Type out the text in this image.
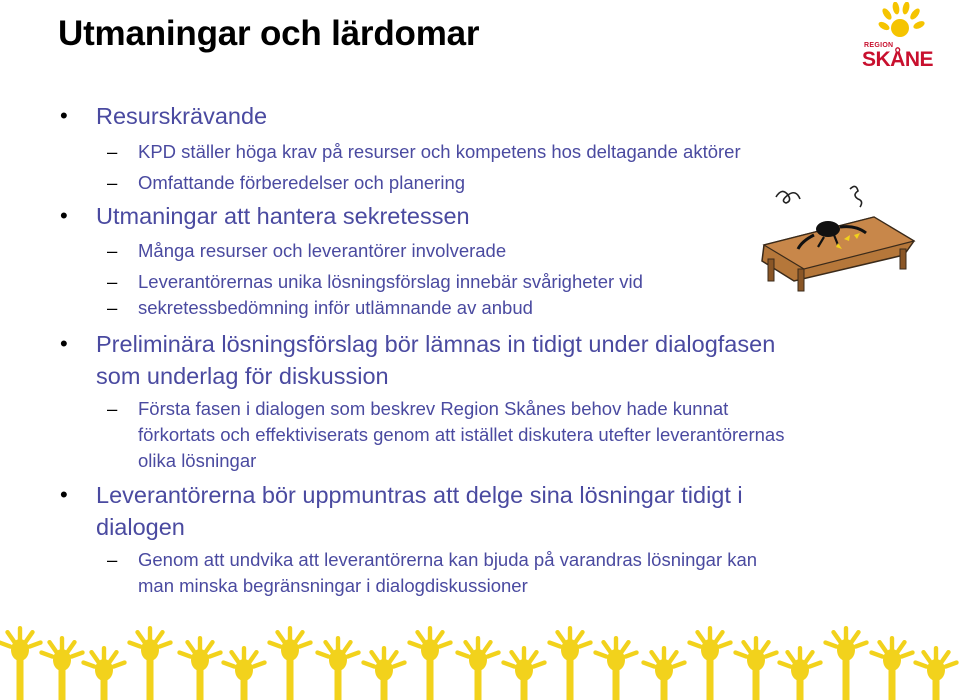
Utmaningar och lärdomar	REGION
SKÅNE
• Resurskrävande
– KPD ställer höga krav på resurser och kompetens hos deltagande aktörer
– Omfattande förberedelser och planering
• Utmaningar att hantera sekretessen
– Många resurser och leverantörer involverade
– Leverantörernas unika lösningsförslag innebär svårigheter vid
– sekretessbedömning inför utlämnande av anbud
• Preliminära lösningsförslag bör lämnas in tidigt under dialogfasen
som underlag för diskussion
– Första fasen i dialogen som beskrev Region Skånes behov hade kunnat
förkortats och effektiviserats genom att istället diskutera utefter leverantörernas
olika lösningar
• Leverantörerna bör uppmuntras att delge sina lösningar tidigt i
dialogen
– Genom att undvika att leverantörerna kan bjuda på varandras lösningar kan
man minska begränsningar i dialogdiskussioner
